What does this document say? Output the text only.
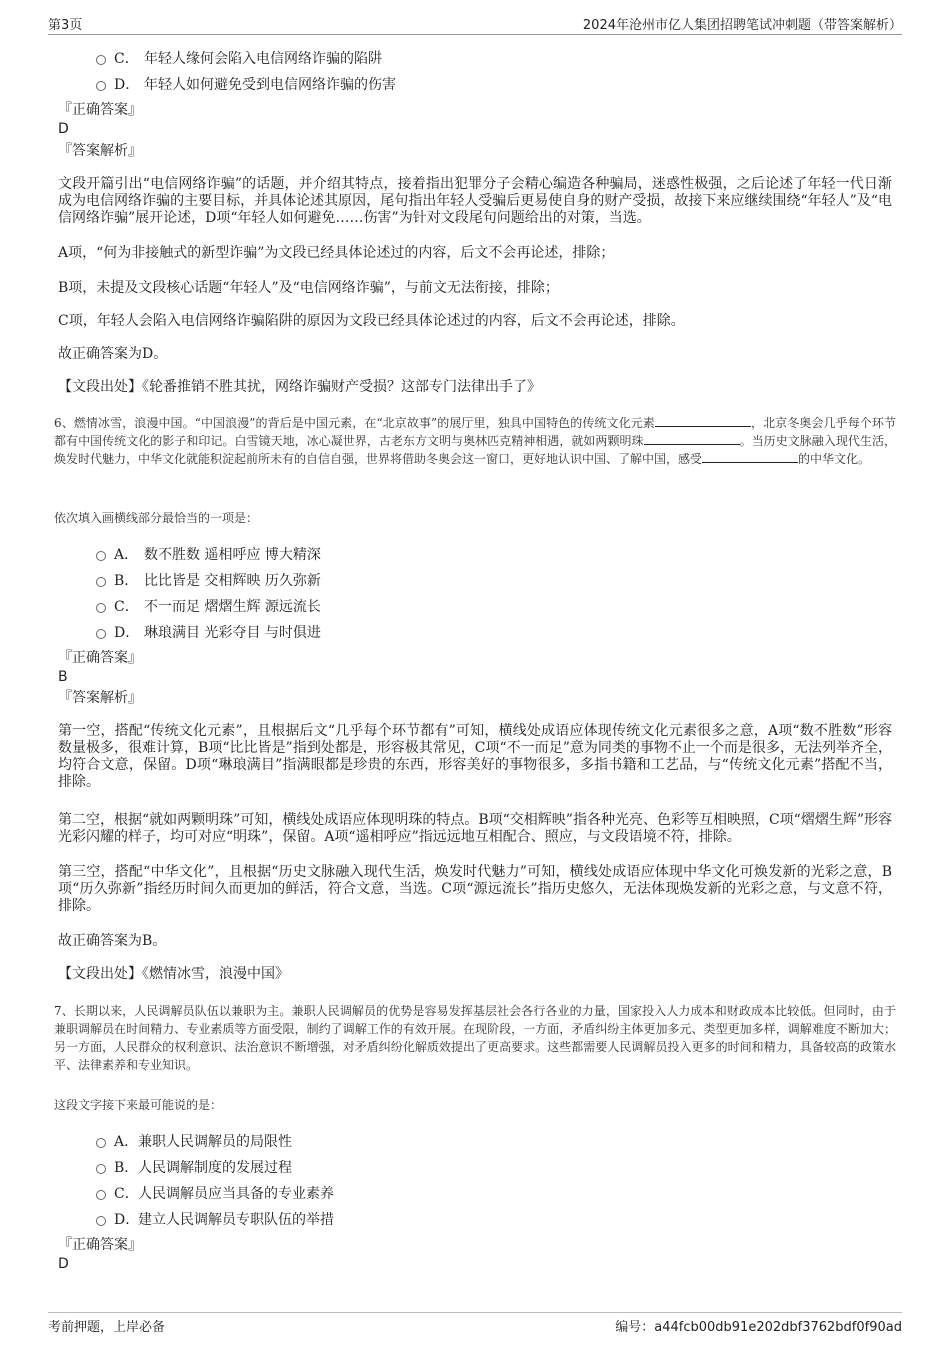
第3页	2024年沧州市亿人集团招聘笔试冲刺题（带答案解析）
C． 年轻人缘何会陷入电信网络诈骗的陷阱
D． 年轻人如何避免受到电信网络诈骗的伤害
『正确答案』
D
『答案解析』
文段开篇引出“电信网络诈骗”的话题，并介绍其特点，接着指出犯罪分子会精心编造各种骗局，迷惑性极强，之后论述了年轻一代日渐成为电信网络诈骗的主要目标，并具体论述其原因，尾句指出年轻人受骗后更易使自身的财产受损，故接下来应继续围绕“年轻人”及“电信网络诈骗”展开论述，D项“年轻人如何避免……伤害”为针对文段尾句问题给出的对策，当选。
A项，“何为非接触式的新型诈骗”为文段已经具体论述过的内容，后文不会再论述，排除；
B项，未提及文段核心话题“年轻人”及“电信网络诈骗”，与前文无法衔接，排除；
C项，年轻人会陷入电信网络诈骗陷阱的原因为文段已经具体论述过的内容，后文不会再论述，排除。
故正确答案为D。
【文段出处】《轮番推销不胜其扰，网络诈骗财产受损？这部专门法律出手了》
6、燃情冰雪，浪漫中国。“中国浪漫”的背后是中国元素，在“北京故事”的展厅里，独具中国特色的传统文化元素	，北京冬奥会几乎每个环节都有中国传统文化的影子和印记。白雪镜天地，冰心凝世界，古老东方文明与奥林匹克精神相遇，就如两颗明珠	。当历史文脉融入现代生活，焕发时代魅力，中华文化就能积淀起前所未有的自信自强，世界将借助冬奥会这一窗口，更好地认识中国、了解中国，感受	的中华文化。
依次填入画横线部分最恰当的一项是：
A． 数不胜数 遥相呼应 博大精深
B． 比比皆是 交相辉映 历久弥新
C． 不一而足 熠熠生辉 源远流长
D． 琳琅满目 光彩夺目 与时俱进
『正确答案』
B
『答案解析』
第一空，搭配“传统文化元素”，且根据后文“几乎每个环节都有”可知，横线处成语应体现传统文化元素很多之意，A项“数不胜数”形容数量极多，很难计算，B项“比比皆是”指到处都是，形容极其常见，C项“不一而足”意为同类的事物不止一个而是很多，无法列举齐全，均符合文意，保留。D项“琳琅满目”指满眼都是珍贵的东西，形容美好的事物很多，多指书籍和工艺品，与“传统文化元素”搭配不当，排除。
第二空，根据“就如两颗明珠”可知，横线处成语应体现明珠的特点。B项“交相辉映”指各种光亮、色彩等互相映照，C项“熠熠生辉”形容光彩闪耀的样子，均可对应“明珠”，保留。A项“遥相呼应”指远远地互相配合、照应，与文段语境不符，排除。
第三空，搭配“中华文化”，且根据“历史文脉融入现代生活，焕发时代魅力”可知，横线处成语应体现中华文化可焕发新的光彩之意，B项“历久弥新”指经历时间久而更加的鲜活，符合文意，当选。C项“源远流长”指历史悠久，无法体现焕发新的光彩之意，与文意不符，排除。
故正确答案为B。
【文段出处】《燃情冰雪，浪漫中国》
7、长期以来，人民调解员队伍以兼职为主。兼职人民调解员的优势是容易发挥基层社会各行各业的力量，国家投入人力成本和财政成本比较低。但同时，由于兼职调解员在时间精力、专业素质等方面受限，制约了调解工作的有效开展。在现阶段，一方面，矛盾纠纷主体更加多元、类型更加多样，调解难度不断加大；另一方面，人民群众的权利意识、法治意识不断增强，对矛盾纠纷化解质效提出了更高要求。这些都需要人民调解员投入更多的时间和精力，具备较高的政策水平、法律素养和专业知识。
这段文字接下来最可能说的是：
A． 兼职人民调解员的局限性
B． 人民调解制度的发展过程
C． 人民调解员应当具备的专业素养
D．
建立人民调解员专职队伍的举措
『正确答案』
D
考前押题，上岸必备	编号：a44fcb00db91e202dbf3762bdf0f90ad
